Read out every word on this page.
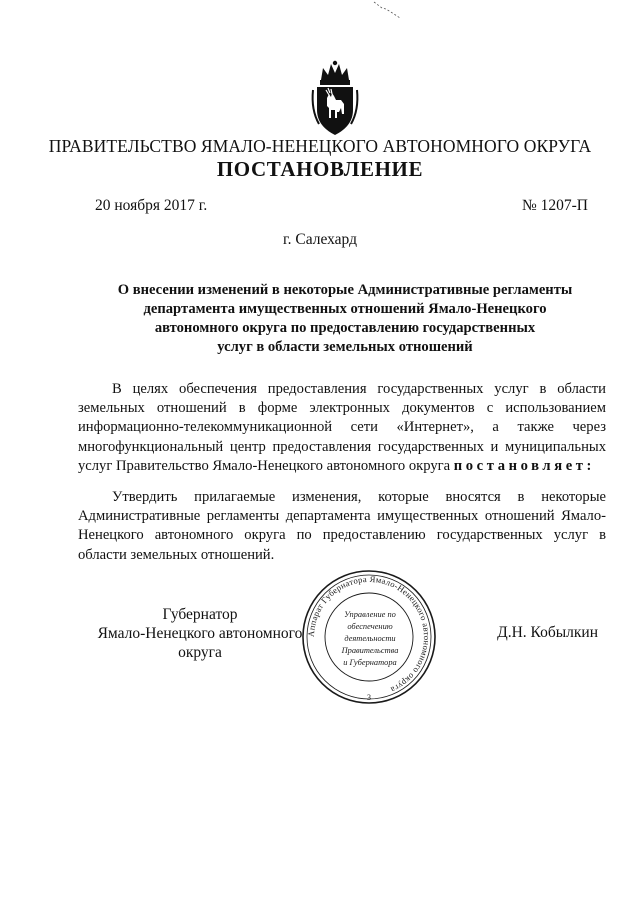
ПРАВИТЕЛЬСТВО ЯМАЛО-НЕНЕЦКОГО АВТОНОМНОГО ОКРУГА
ПОСТАНОВЛЕНИЕ
20 ноября 2017 г.	№ 1207-П
г. Салехард
О внесении изменений в некоторые Административные регламенты
департамента имущественных отношений Ямало-Ненецкого
автономного округа по предоставлению государственных
услуг в области земельных отношений
В целях обеспечения предоставления государственных услуг в области
земельных отношений в форме электронных документов с использованием
информационно-телекоммуникационной сети «Интернет», а также через
многофункциональный центр предоставления государственных и муниципальных
услуг Правительство Ямало-Ненецкого автономного округа постановляет:
Утвердить прилагаемые изменения, которые вносятся в некоторые
Административные регламенты департамента имущественных отношений Ямало-
Ненецкого автономного округа по предоставлению государственных услуг в
области земельных отношений.
Губернатор
Ямало-Ненецкого автономного округа
Д.Н. Кобылкин
Аппарат Губернатора Ямало-Ненецкого автономного округа
3
Управление по
обеспечению
деятельности
Правительства
и Губернатора
